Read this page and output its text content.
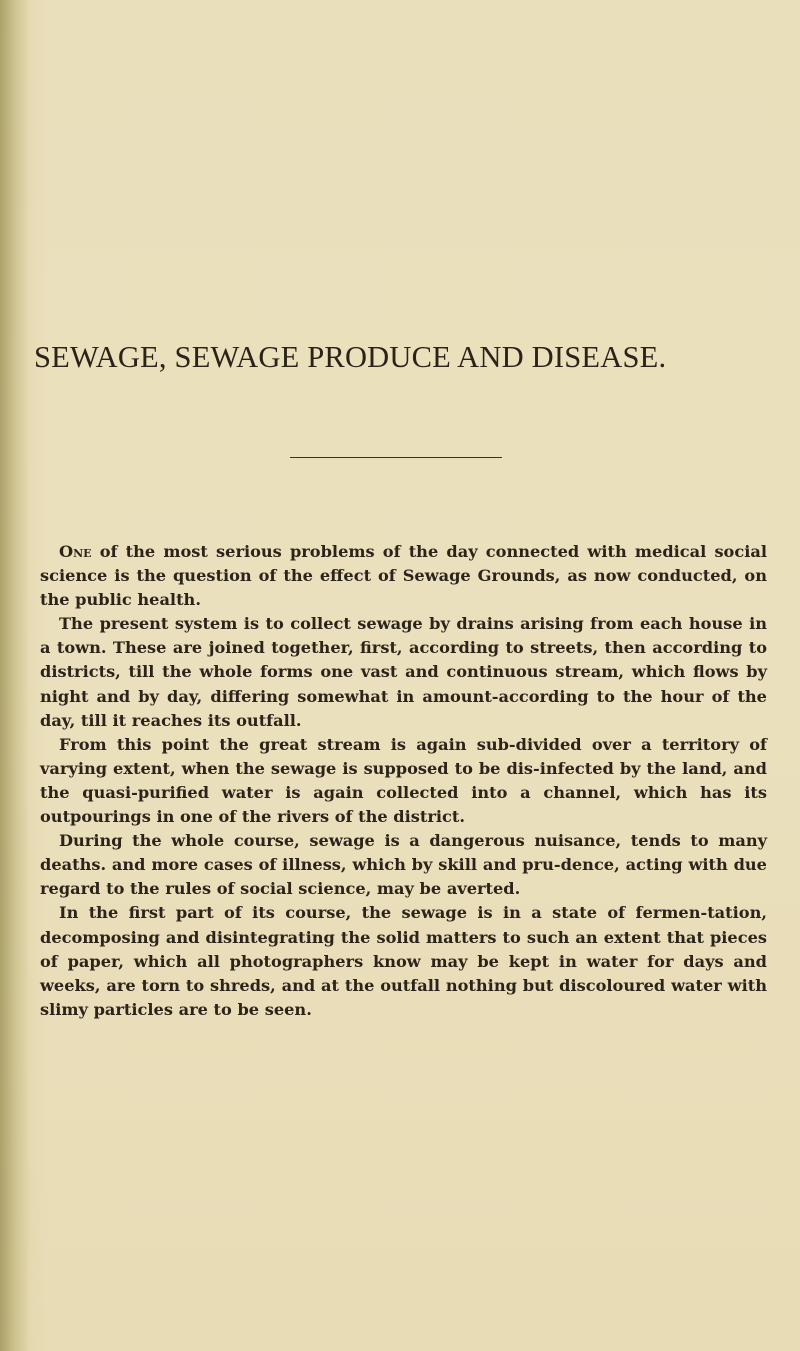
SEWAGE, SEWAGE PRODUCE AND DISEASE.

One of the most serious problems of the day connected with medical social science is the question of the effect of Sewage Grounds, as now conducted, on the public health.

The present system is to collect sewage by drains arising from each house in a town. These are joined together, first, according to streets, then according to districts, till the whole forms one vast and continuous stream, which flows by night and by day, differing somewhat in amount-according to the hour of the day, till it reaches its outfall.

From this point the great stream is again sub-divided over a territory of varying extent, when the sewage is supposed to be dis-infected by the land, and the quasi-purified water is again collected into a channel, which has its outpourings in one of the rivers of the district.

During the whole course, sewage is a dangerous nuisance, tends to many deaths. and more cases of illness, which by skill and pru-dence, acting with due regard to the rules of social science, may be averted.

In the first part of its course, the sewage is in a state of fermen-tation, decomposing and disintegrating the solid matters to such an extent that pieces of paper, which all photographers know may be kept in water for days and weeks, are torn to shreds, and at the outfall nothing but discoloured water with slimy particles are to be seen.
